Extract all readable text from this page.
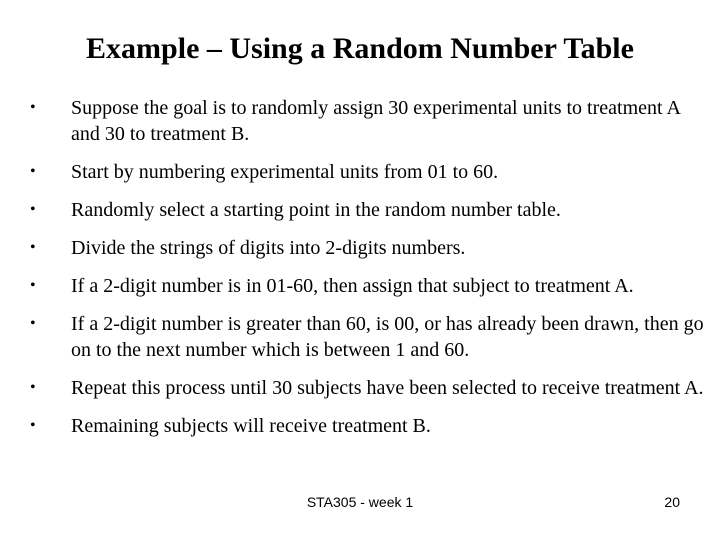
Example – Using a Random Number Table
• Suppose the goal is to randomly assign 30 experimental units to treatment A and 30 to treatment B.
• Start by numbering experimental units from 01 to 60.
• Randomly select a starting point in the random number table.
• Divide the strings of digits into 2-digits numbers.
• If a 2-digit number is in 01-60, then assign that subject to treatment A.
• If a 2-digit number is greater than 60, is 00, or has already been drawn, then go on to the next number which is between 1 and 60.
• Repeat this process until 30 subjects have been selected to receive treatment A.
• Remaining subjects will receive treatment B.
STA305 - week 1	20
